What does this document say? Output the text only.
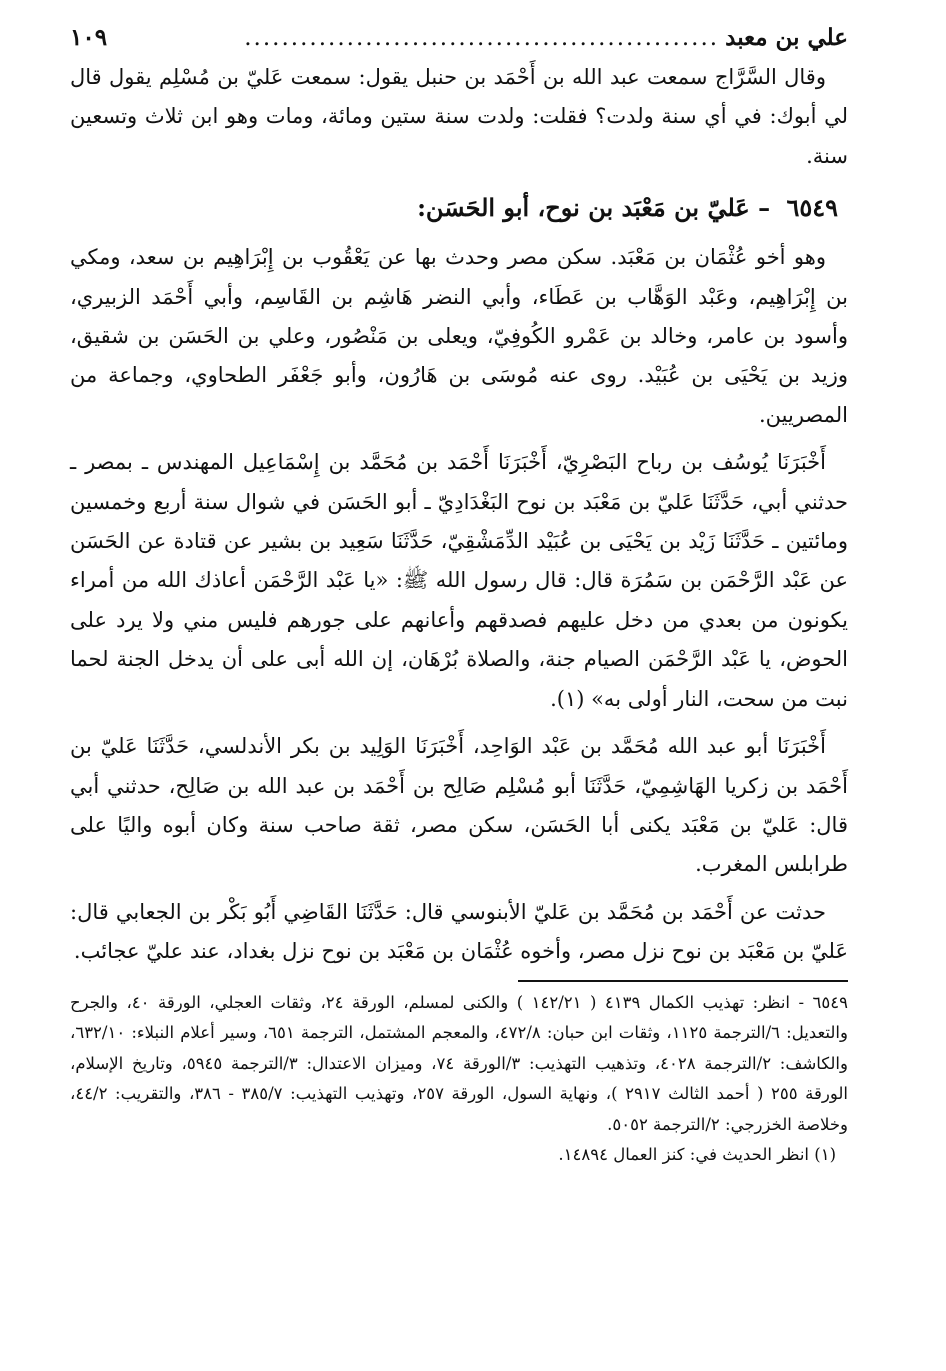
علي بن معبد
...................................................
١٠٩

وقال السَّرَّاج سمعت عبد الله بن أَحْمَد بن حنبل يقول: سمعت عَليّ بن مُسْلِم يقول قال لي أبوك: في أي سنة ولدت؟ فقلت: ولدت سنة ستين ومائة، ومات وهو ابن ثلاث وتسعين سنة.

٦٥٤٩ – عَليّ بن مَعْبَد بن نوح، أبو الحَسَن:

وهو أخو عُثْمَان بن مَعْبَد. سكن مصر وحدث بها عن يَعْقُوب بن إِبْرَاهِيم بن سعد، ومكي بن إِبْرَاهِيم، وعَبْد الوَهَّاب بن عَطَاء، وأبي النضر هَاشِم بن القَاسِم، وأبي أَحْمَد الزبيري، وأسود بن عامر، وخالد بن عَمْرو الكُوفِيّ، ويعلى بن مَنْصُور، وعلي بن الحَسَن بن شقيق، وزيد بن يَحْيَى بن عُبَيْد. روى عنه مُوسَى بن هَارُون، وأبو جَعْفَر الطحاوي، وجماعة من المصريين.

أَخْبَرَنَا يُوسُف بن رباح البَصْرِيّ، أَخْبَرَنَا أَحْمَد بن مُحَمَّد بن إِسْمَاعِيل المهندس ـ بمصر ـ حدثني أبي، حَدَّثَنَا عَليّ بن مَعْبَد بن نوح البَغْدَادِيّ ـ أبو الحَسَن في شوال سنة أربع وخمسين ومائتين ـ حَدَّثَنَا زَيْد بن يَحْيَى بن عُبَيْد الدِّمَشْقِيّ، حَدَّثَنَا سَعِيد بن بشير عن قتادة عن الحَسَن عن عَبْد الرَّحْمَن بن سَمُرَة قال: قال رسول الله ﷺ: «يا عَبْد الرَّحْمَن أعاذك الله من أمراء يكونون من بعدي من دخل عليهم فصدقهم وأعانهم على جورهم فليس مني ولا يرد على الحوض، يا عَبْد الرَّحْمَن الصيام جنة، والصلاة بُرْهَان، إن الله أبى على أن يدخل الجنة لحما نبت من سحت، النار أولى به» (١).

أَخْبَرَنَا أبو عبد الله مُحَمَّد بن عَبْد الوَاحِد، أَخْبَرَنَا الوَلِيد بن بكر الأندلسي، حَدَّثَنَا عَليّ بن أَحْمَد بن زكريا الهَاشِمِيّ، حَدَّثَنَا أبو مُسْلِم صَالِح بن أَحْمَد بن عبد الله بن صَالِح، حدثني أبي قال: عَليّ بن مَعْبَد يكنى أبا الحَسَن، سكن مصر، ثقة صاحب سنة وكان أبوه واليًا على طرابلس المغرب.

حدثت عن أَحْمَد بن مُحَمَّد بن عَليّ الأبنوسي قال: حَدَّثَنَا القَاضِي أَبُو بَكْر بن الجعابي قال: عَليّ بن مَعْبَد بن نوح نزل مصر، وأخوه عُثْمَان بن مَعْبَد بن نوح نزل بغداد، عند عليّ عجائب.

٦٥٤٩ - انظر: تهذيب الكمال ٤١٣٩ ( ١٤٢/٢١ ) والكنى لمسلم، الورقة ٢٤، وثقات العجلي، الورقة ٤٠، والجرح والتعديل: ٦/الترجمة ١١٢٥، وثقات ابن حبان: ٤٧٢/٨، والمعجم المشتمل، الترجمة ٦٥١، وسير أعلام النبلاء: ٦٣٢/١٠، والكاشف: ٢/الترجمة ٤٠٢٨، وتذهيب التهذيب: ٣/الورقة ٧٤، وميزان الاعتدال: ٣/الترجمة ٥٩٤٥، وتاريخ الإسلام، الورقة ٢٥٥ ( أحمد الثالث ٢٩١٧ )، ونهاية السول، الورقة ٢٥٧، وتهذيب التهذيب: ٣٨٥/٧ - ٣٨٦، والتقريب: ٤٤/٢، وخلاصة الخزرجي: ٢/الترجمة ٥٠٥٢.

(١) انظر الحديث في: كنز العمال ١٤٨٩٤.
